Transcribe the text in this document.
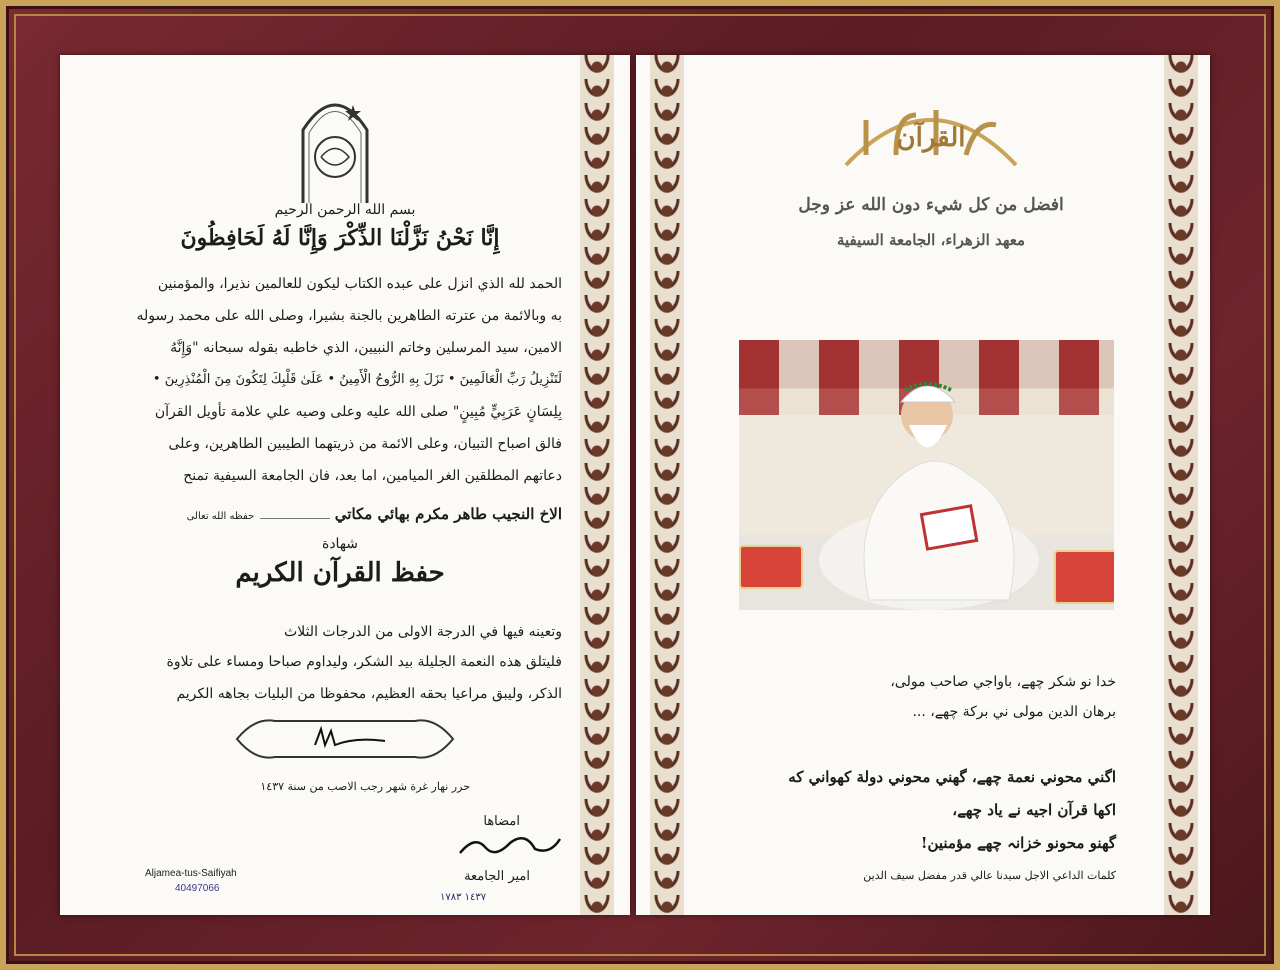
بسم الله الرحمن الرحيم
إِنَّا نَحْنُ نَزَّلْنَا الذِّكْرَ وَإِنَّا لَهُ لَحَافِظُونَ
الحمد لله الذي انزل على عبده الكتاب ليكون للعالمين نذيرا، والمؤمنين
به وبالائمة من عترته الطاهرين بالجنة بشيرا، وصلى الله على محمد رسوله
الامين، سيد المرسلين وخاتم النبيين، الذي خاطبه بقوله سبحانه "وَإِنَّهُ
لَتَنْزِيلُ رَبِّ الْعَالَمِينَ • نَزَلَ بِهِ الرُّوحُ الْأَمِينُ • عَلَىٰ قَلْبِكَ لِتَكُونَ مِنَ الْمُنْذِرِينَ •
بِلِسَانٍ عَرَبِيٍّ مُبِينٍ" صلى الله عليه وعلى وصيه علي علامة تأويل القرآن
فالق اصباح التبيان، وعلى الائمة من ذريتهما الطيبين الطاهرين، وعلى
دعاتهم المطلقين الغر الميامين، اما بعد، فان الجامعة السيفية تمنح
الاخ النجيب طاهر مكرم بهائي مكاتي  حفظه الله تعالى
شهادة
حفظ القرآن الكريم
وتعينه فيها في الدرجة الاولى من الدرجات الثلاث
فليتلق هذه النعمة الجليلة بيد الشكر، وليداوم صباحا ومساء على تلاوة
الذكر، وليبق مراعيا بحقه العظيم، محفوظا من البليات بجاهه الكريم
حرر نهار غرة شهر رجب الاصب من سنة ١٤٣٧
امضاها
امير الجامعة
١٤٣٧ ١٧٨٣
Aljamea-tus-Saifiyah
40497066
القرآن
افضل من كل شيء دون الله عز وجل
معهد الزهراء، الجامعة السيفية
خدا نو شكر چهے، باواجي صاحب مولى،
برهان الدين مولى ني بركة چهے، ...
اگني محوني نعمة چهے، گهني محوني دولة كهواني كه
اكها قرآن اجيه نے ياد چهے،
گهنو محونو خزانہ چهے مؤمنين!
كلمات الداعي الاجل سيدنا عالي قدر مفضل سيف الدين
